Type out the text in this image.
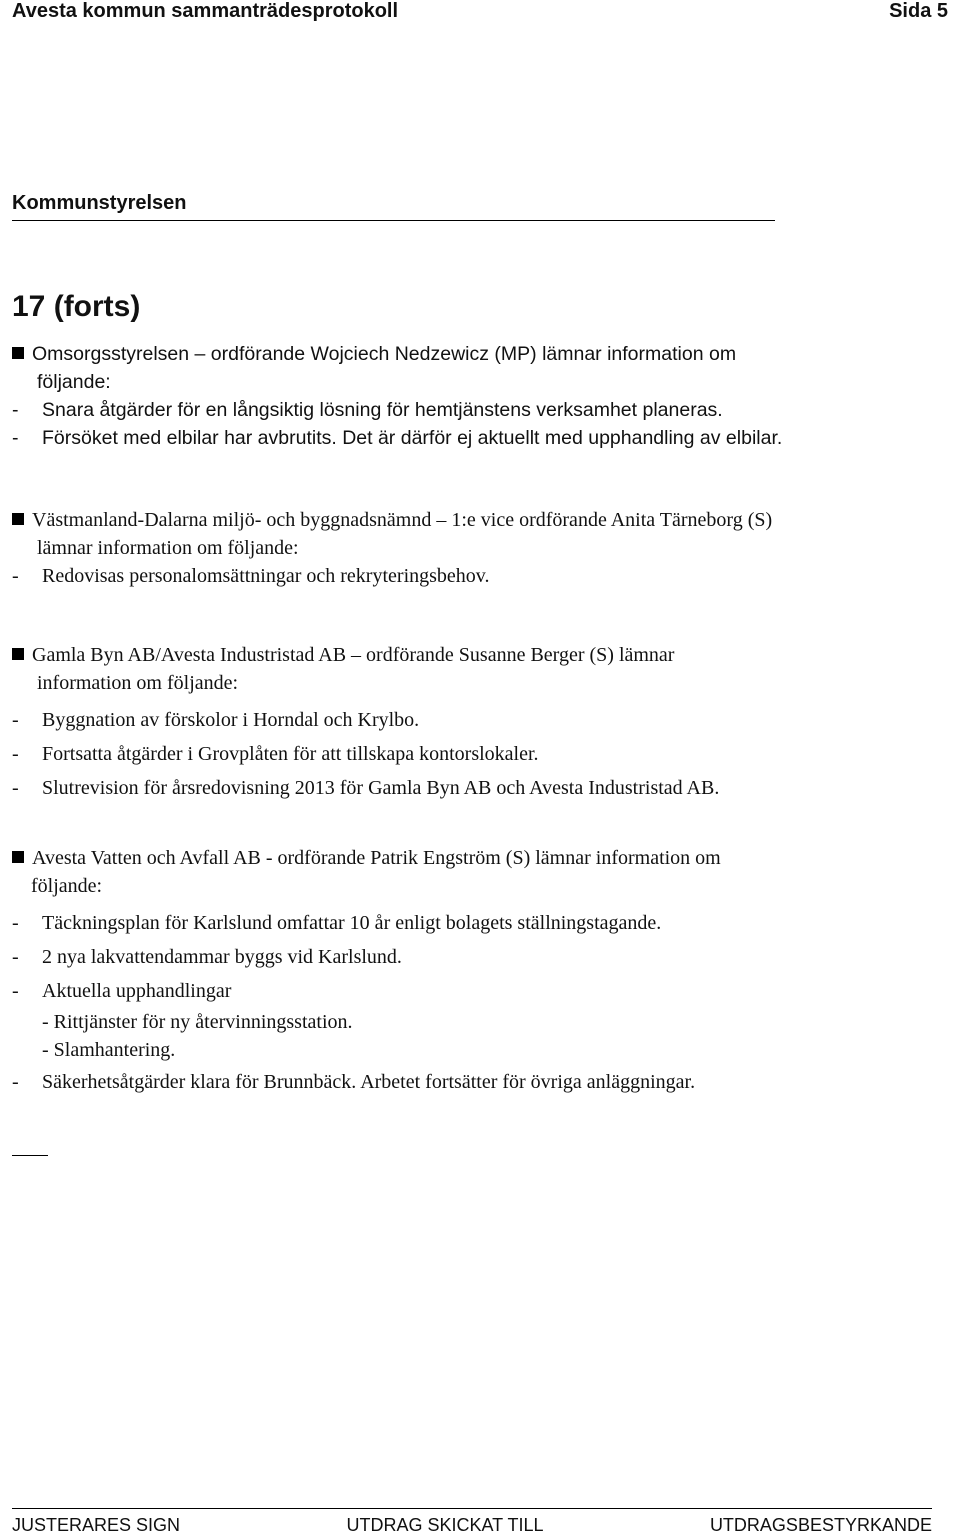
Avesta kommun sammanträdesprotokoll	Sida 5
Kommunstyrelsen
17 (forts)
Omsorgsstyrelsen – ordförande Wojciech Nedzewicz (MP) lämnar information om
följande:
- Snara åtgärder för en långsiktig lösning för hemtjänstens verksamhet planeras.
- Försöket med elbilar har avbrutits. Det är därför ej aktuellt med upphandling av elbilar.
Västmanland-Dalarna miljö- och byggnadsnämnd – 1:e vice ordförande Anita Tärneborg (S)
lämnar information om följande:
- Redovisas personalomsättningar och rekryteringsbehov.
Gamla Byn AB/Avesta Industristad AB – ordförande Susanne Berger (S) lämnar
information om följande:
- Byggnation av förskolor i Horndal och Krylbo.
- Fortsatta åtgärder i Grovplåten för att tillskapa kontorslokaler.
- Slutrevision för årsredovisning 2013 för Gamla Byn AB och Avesta Industristad AB.
Avesta Vatten och Avfall AB - ordförande Patrik Engström (S) lämnar information om
följande:
- Täckningsplan för Karlslund omfattar 10 år enligt bolagets ställningstagande.
- 2 nya lakvattendammar byggs vid Karlslund.
- Aktuella upphandlingar
- Rittjänster för ny återvinningsstation.
- Slamhantering.
- Säkerhetsåtgärder klara för Brunnbäck. Arbetet fortsätter för övriga anläggningar.
JUSTERARES SIGN	UTDRAG SKICKAT TILL	UTDRAGSBESTYRKANDE
